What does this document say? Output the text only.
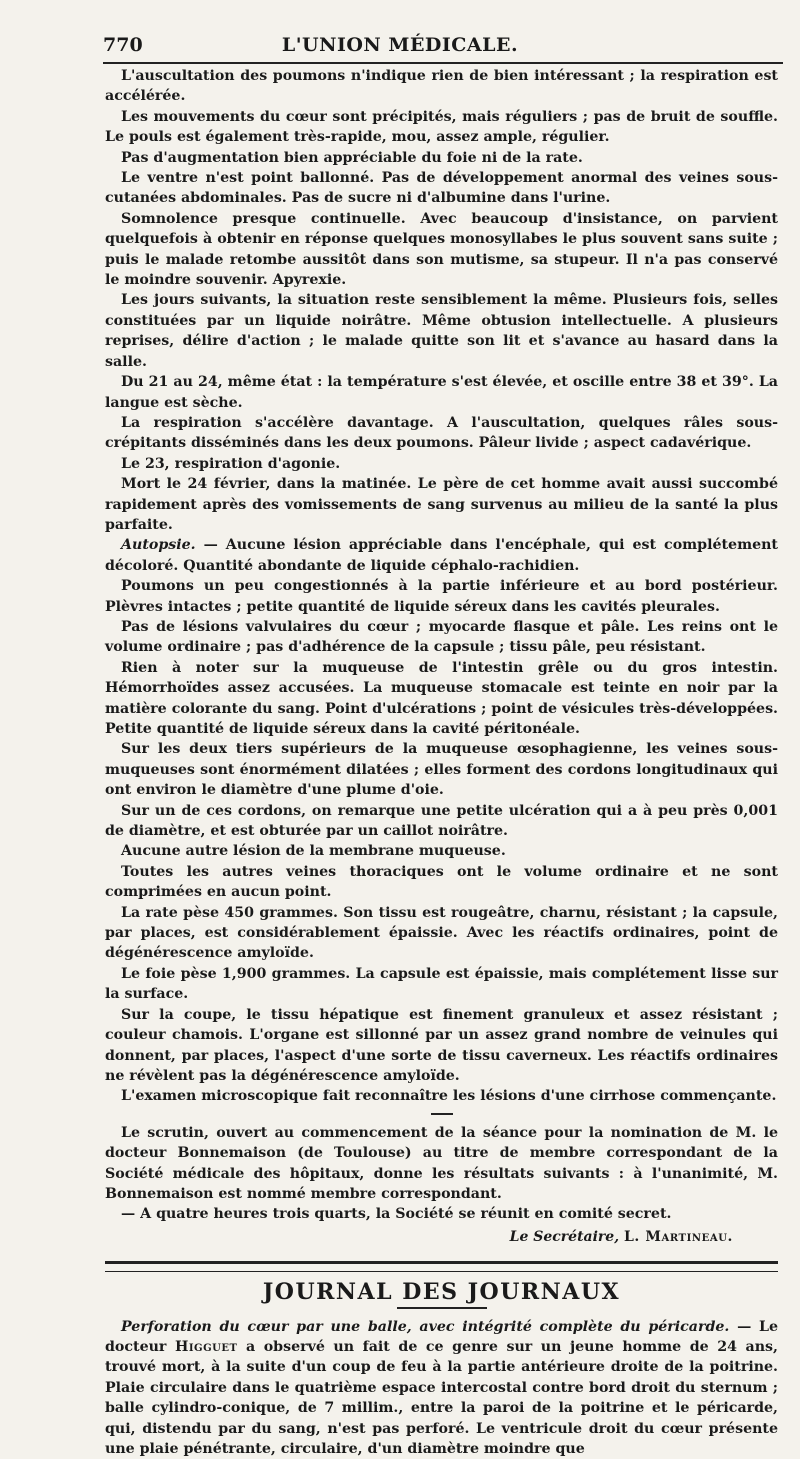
770	L'UNION MÉDICALE.

L'auscultation des poumons n'indique rien de bien intéressant ; la respiration est accélérée.

Les mouvements du cœur sont précipités, mais réguliers ; pas de bruit de souffle. Le pouls est également très-rapide, mou, assez ample, régulier.

Pas d'augmentation bien appréciable du foie ni de la rate.

Le ventre n'est point ballonné. Pas de développement anormal des veines sous-cutanées abdominales. Pas de sucre ni d'albumine dans l'urine.

Somnolence presque continuelle. Avec beaucoup d'insistance, on parvient quelquefois à obtenir en réponse quelques monosyllabes le plus souvent sans suite ; puis le malade retombe aussitôt dans son mutisme, sa stupeur. Il n'a pas conservé le moindre souvenir. Apyrexie.

Les jours suivants, la situation reste sensiblement la même. Plusieurs fois, selles constituées par un liquide noirâtre. Même obtusion intellectuelle. A plusieurs reprises, délire d'action ; le malade quitte son lit et s'avance au hasard dans la salle.

Du 21 au 24, même état : la température s'est élevée, et oscille entre 38 et 39°. La langue est sèche.

La respiration s'accélère davantage. A l'auscultation, quelques râles sous-crépitants disséminés dans les deux poumons. Pâleur livide ; aspect cadavérique.

Le 23, respiration d'agonie.

Mort le 24 février, dans la matinée. Le père de cet homme avait aussi succombé rapidement après des vomissements de sang survenus au milieu de la santé la plus parfaite.

Autopsie. — Aucune lésion appréciable dans l'encéphale, qui est complétement décoloré. Quantité abondante de liquide céphalo-rachidien.

Poumons un peu congestionnés à la partie inférieure et au bord postérieur. Plèvres intactes ; petite quantité de liquide séreux dans les cavités pleurales.

Pas de lésions valvulaires du cœur ; myocarde flasque et pâle. Les reins ont le volume ordinaire ; pas d'adhérence de la capsule ; tissu pâle, peu résistant.

Rien à noter sur la muqueuse de l'intestin grêle ou du gros intestin. Hémorrhoïdes assez accusées. La muqueuse stomacale est teinte en noir par la matière colorante du sang. Point d'ulcérations ; point de vésicules très-développées. Petite quantité de liquide séreux dans la cavité péritonéale.

Sur les deux tiers supérieurs de la muqueuse œsophagienne, les veines sous-muqueuses sont énormément dilatées ; elles forment des cordons longitudinaux qui ont environ le diamètre d'une plume d'oie.

Sur un de ces cordons, on remarque une petite ulcération qui a à peu près 0,001 de diamètre, et est obturée par un caillot noirâtre.

Aucune autre lésion de la membrane muqueuse.

Toutes les autres veines thoraciques ont le volume ordinaire et ne sont comprimées en aucun point.

La rate pèse 450 grammes. Son tissu est rougeâtre, charnu, résistant ; la capsule, par places, est considérablement épaissie. Avec les réactifs ordinaires, point de dégénérescence amyloïde.

Le foie pèse 1,900 grammes. La capsule est épaissie, mais complétement lisse sur la surface.

Sur la coupe, le tissu hépatique est finement granuleux et assez résistant ; couleur chamois. L'organe est sillonné par un assez grand nombre de veinules qui donnent, par places, l'aspect d'une sorte de tissu caverneux. Les réactifs ordinaires ne révèlent pas la dégénérescence amyloïde.

L'examen microscopique fait reconnaître les lésions d'une cirrhose commençante.

Le scrutin, ouvert au commencement de la séance pour la nomination de M. le docteur Bonnemaison (de Toulouse) au titre de membre correspondant de la Société médicale des hôpitaux, donne les résultats suivants : à l'unanimité, M. Bonnemaison est nommé membre correspondant.

— A quatre heures trois quarts, la Société se réunit en comité secret.

Le Secrétaire, L. Martineau.
JOURNAL DES JOURNAUX

Perforation du cœur par une balle, avec intégrité complète du péricarde. — Le docteur Higguet a observé un fait de ce genre sur un jeune homme de 24 ans, trouvé mort, à la suite d'un coup de feu à la partie antérieure droite de la poitrine. Plaie circulaire dans le quatrième espace intercostal contre bord droit du sternum ; balle cylindro-conique, de 7 millim., entre la paroi de la poitrine et le péricarde, qui, distendu par du sang, n'est pas perforé. Le ventricule droit du cœur présente une plaie pénétrante, circulaire, d'un diamètre moindre que
